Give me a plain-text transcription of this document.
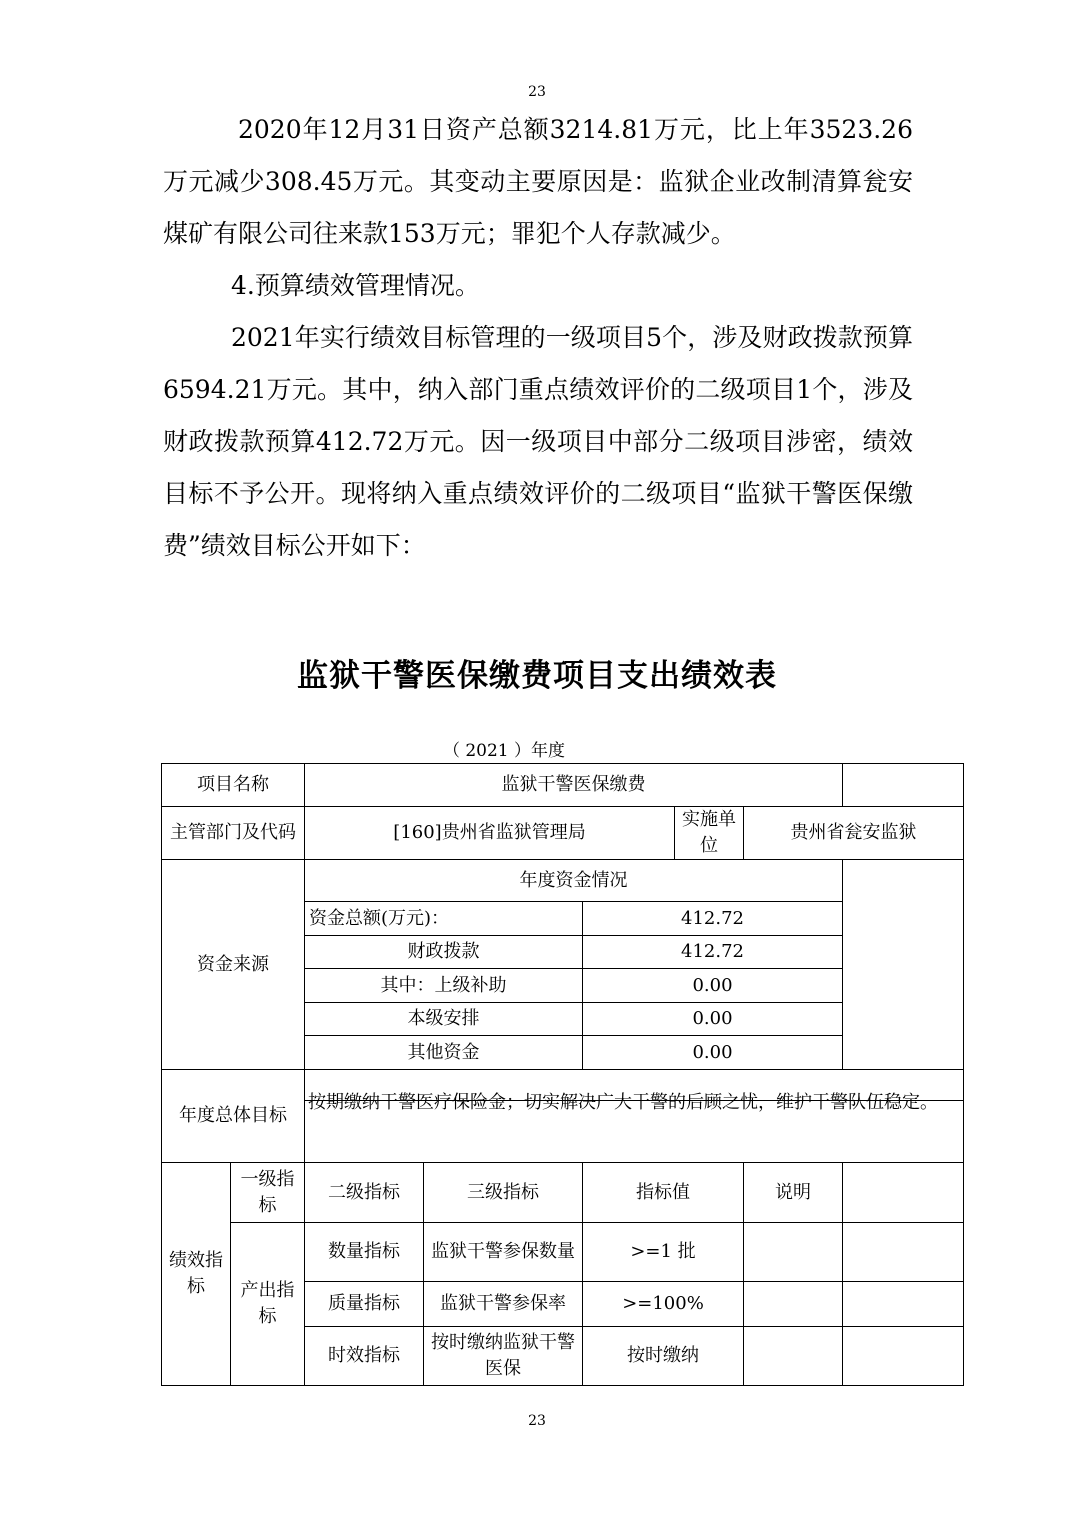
23

2020年12月31日资产总额3214.81万元，比上年3523.26万元减少308.45万元。其变动主要原因是：监狱企业改制清算瓮安煤矿有限公司往来款153万元；罪犯个人存款减少。

4.预算绩效管理情况。

2021年实行绩效目标管理的一级项目5个，涉及财政拨款预算6594.21万元。其中，纳入部门重点绩效评价的二级项目1个，涉及财政拨款预算412.72万元。因一级项目中部分二级项目涉密，绩效目标不予公开。现将纳入重点绩效评价的二级项目“监狱干警医保缴费”绩效目标公开如下：

监狱干警医保缴费项目支出绩效表
（ 2021 ）年度
项目名称		监狱干警医保缴费					
主管部门及代码		[160]贵州省监狱管理局			实施单位	贵州省瓮安监狱	
资金来源		年度资金情况					
		资金总额(万元)：		412.72			
		财政拨款		412.72			
		其中：上级补助		0.00			
		本级安排		0.00			
		其他资金		0.00			
年度总体目标		按期缴纳干警医疗保险金；切实解决广大干警的后顾之忧，维护干警队伍稳定。					

绩效指标	一级指标	二级指标	三级指标	指标值		说明	
	产出指标	数量指标	监狱干警参保数量	>=1 批			
		质量指标	监狱干警参保率	>=100%			
		时效指标	按时缴纳监狱干警医保	按时缴纳			
23
